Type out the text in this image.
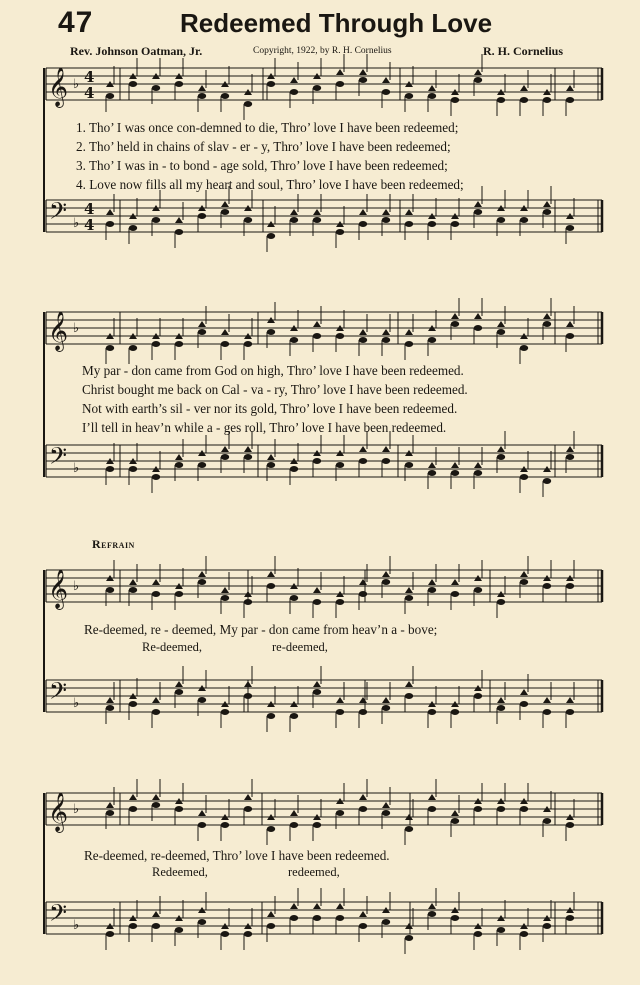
47	Redeemed Through Love
Rev. Johnson Oatman, Jr.	Copyright, 1922, by R. H. Cornelius	R. H. Cornelius
𝄞 ♭ 4
4
𝄢 ♭
4
4
𝄞 ♭
𝄢 ♭
𝄞 ♭
𝄢 ♭
𝄞 ♭
𝄢 ♭
1. Tho’ I was once con-demned to die, Thro’ love I have been redeemed;
2. Tho’ held in chains of slav - er - y, Thro’ love I have been redeemed;
3. Tho’ I was in - to bond - age sold, Thro’ love I have been redeemed;
4. Love now fills all my heart and soul, Thro’ love I have been redeemed;
My par - don came from God on high, Thro’ love I have been redeemed.
Christ bought me back on Cal - va - ry, Thro’ love I have been redeemed.
Not with earth’s sil - ver nor its gold, Thro’ love I have been redeemed.
I’ll tell in heav’n while a - ges roll, Thro’ love I have been redeemed.
Refrain
Re-deemed, re - deemed, My par - don came from heav’n a - bove;
Re-deemed,	re-deemed,
Re-deemed, re-deemed, Thro’ love I have been redeemed.
Redeemed,	redeemed,
